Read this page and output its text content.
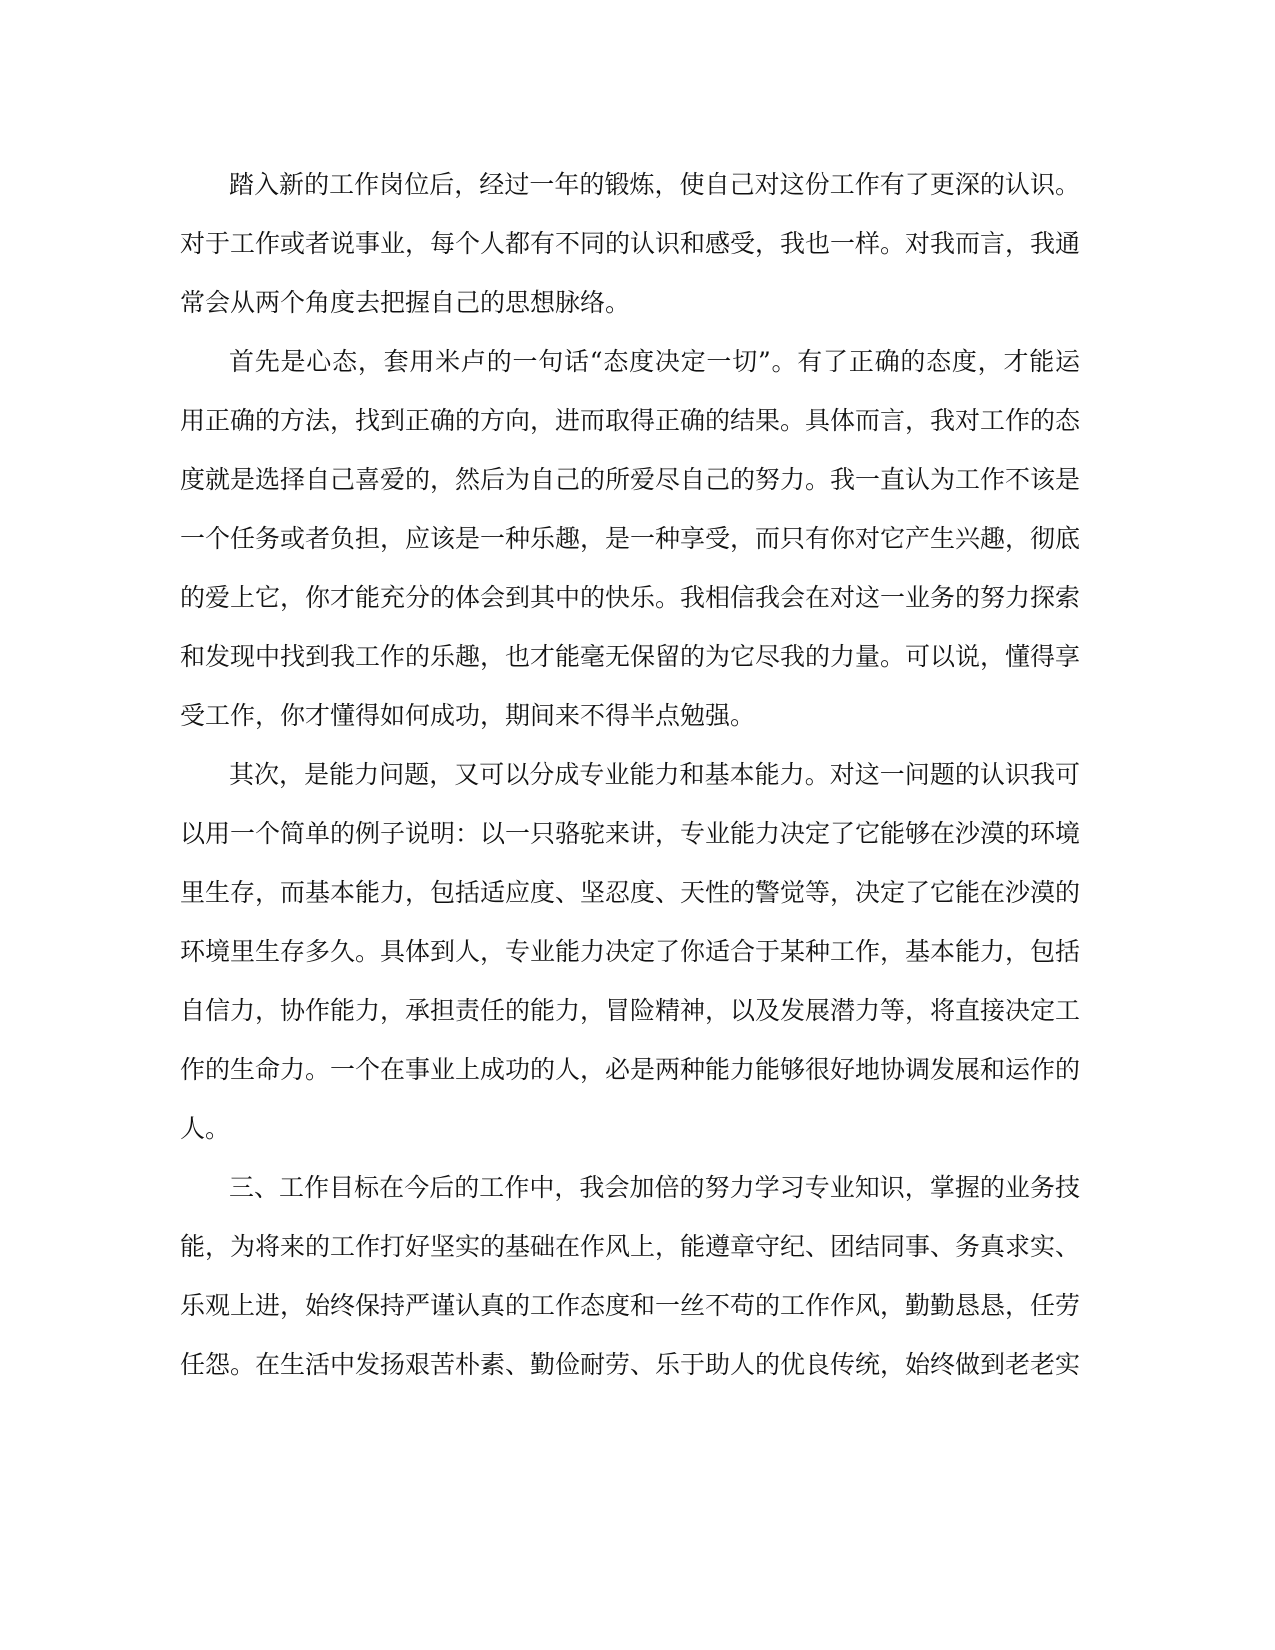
踏入新的工作岗位后，经过一年的锻炼，使自己对这份工作有了更深的认识。
对于工作或者说事业，每个人都有不同的认识和感受，我也一样。对我而言，我通
常会从两个角度去把握自己的思想脉络。
首先是心态，套用米卢的一句话“态度决定一切”。有了正确的态度，才能运
用正确的方法，找到正确的方向，进而取得正确的结果。具体而言，我对工作的态
度就是选择自己喜爱的，然后为自己的所爱尽自己的努力。我一直认为工作不该是
一个任务或者负担，应该是一种乐趣，是一种享受，而只有你对它产生兴趣，彻底
的爱上它，你才能充分的体会到其中的快乐。我相信我会在对这一业务的努力探索
和发现中找到我工作的乐趣，也才能毫无保留的为它尽我的力量。可以说，懂得享
受工作，你才懂得如何成功，期间来不得半点勉强。
其次，是能力问题，又可以分成专业能力和基本能力。对这一问题的认识我可
以用一个简单的例子说明：以一只骆驼来讲，专业能力决定了它能够在沙漠的环境
里生存，而基本能力，包括适应度、坚忍度、天性的警觉等，决定了它能在沙漠的
环境里生存多久。具体到人，专业能力决定了你适合于某种工作，基本能力，包括
自信力，协作能力，承担责任的能力，冒险精神，以及发展潜力等，将直接决定工
作的生命力。一个在事业上成功的人，必是两种能力能够很好地协调发展和运作的
人。
三、工作目标在今后的工作中，我会加倍的努力学习专业知识，掌握的业务技
能，为将来的工作打好坚实的基础在作风上，能遵章守纪、团结同事、务真求实、
乐观上进，始终保持严谨认真的工作态度和一丝不苟的工作作风，勤勤恳恳，任劳
任怨。在生活中发扬艰苦朴素、勤俭耐劳、乐于助人的优良传统，始终做到老老实
